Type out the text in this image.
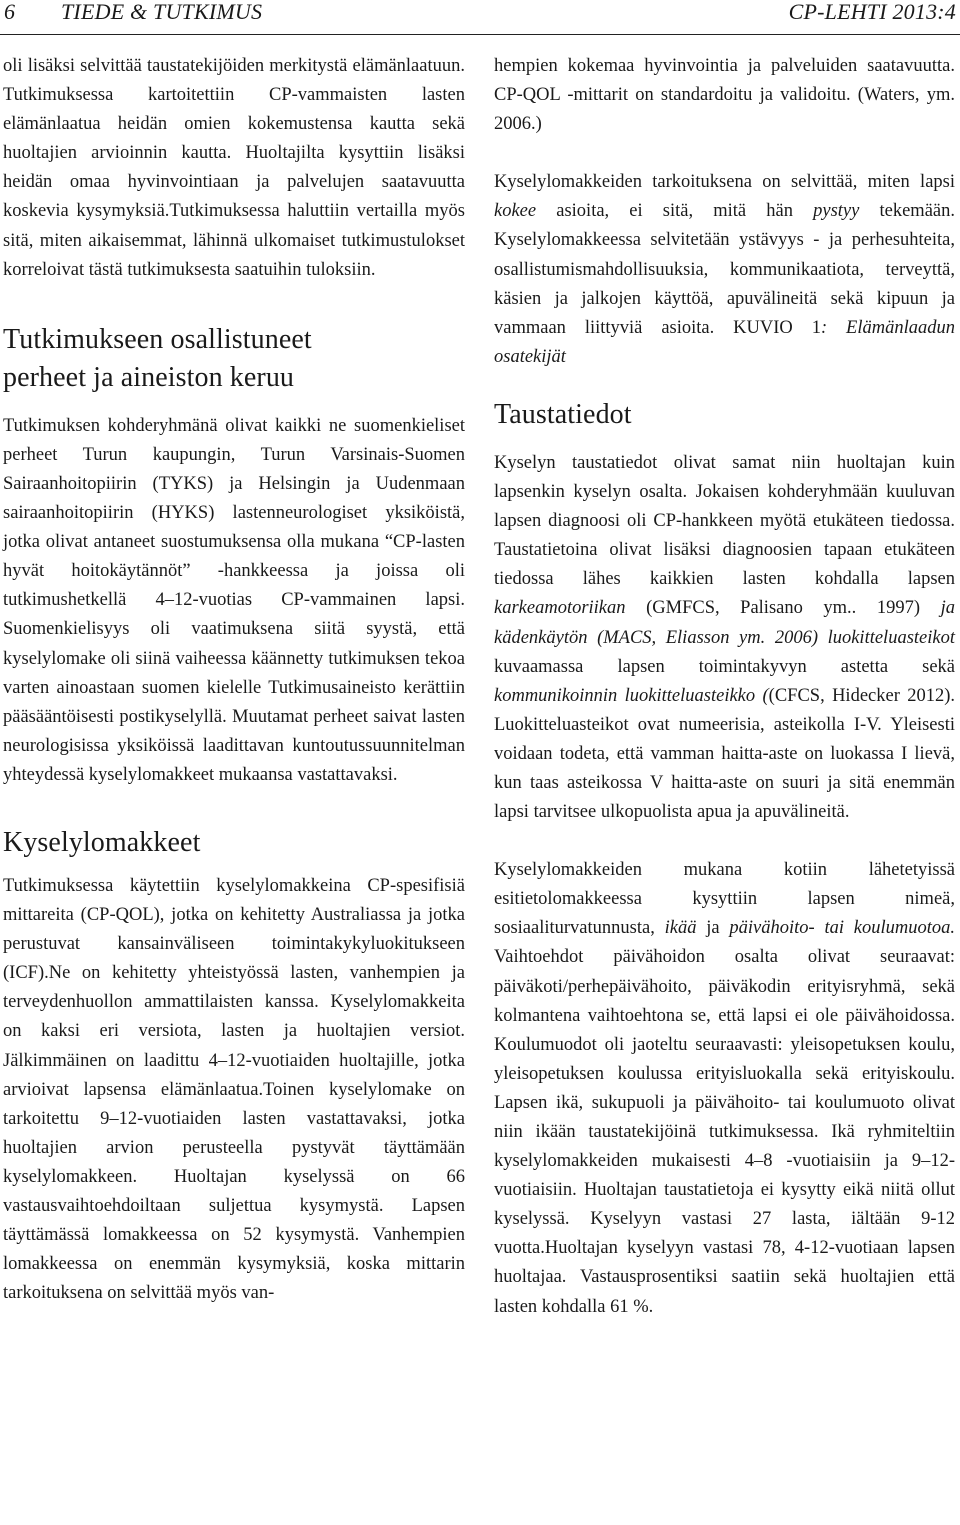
6 TIEDE & TUTKIMUS	CP-LEHTI 2013:4

oli lisäksi selvittää taustatekijöiden merkitystä elämänlaatuun. Tutkimuksessa kartoitettiin CP-vammaisten lasten elämänlaatua heidän omien kokemustensa kautta sekä huoltajien arvioinnin kautta. Huoltajilta kysyttiin lisäksi heidän omaa hyvinvointiaan ja palvelujen saatavuutta koskevia kysymyksiä.Tutkimuksessa haluttiin vertailla myös sitä, miten aikaisemmat, lähinnä ulkomaiset tutkimustulokset korreloivat tästä tutkimuksesta saatuihin tuloksiin.

Tutkimukseen osallistuneet
perheet ja aineiston keruu

Tutkimuksen kohderyhmänä olivat kaikki ne suomenkieliset perheet Turun kaupungin, Turun Varsinais-Suomen Sairaanhoitopiirin (TYKS) ja Helsingin ja Uudenmaan sairaanhoitopiirin (HYKS) lastenneurologiset yksiköistä, jotka olivat antaneet suostumuksensa olla mukana “CP-lasten hyvät hoitokäytännöt” -hankkeessa ja joissa oli tutkimushetkellä 4–12-vuotias CP-vammainen lapsi. Suomenkielisyys oli vaatimuksena siitä syystä, että kyselylomake oli siinä vaiheessa käännetty tutkimuksen tekoa varten ainoastaan suomen kielelle Tutkimusaineisto kerättiin pääsääntöisesti postikyselyllä. Muutamat perheet saivat lasten neurologisissa yksiköissä laadittavan kuntoutussuunnitelman yhteydessä kyselylomakkeet mukaansa vastattavaksi.

Kyselylomakkeet

Tutkimuksessa käytettiin kyselylomakkeina CP-spesifisiä mittareita (CP-QOL), jotka on kehitetty Australiassa ja jotka perustuvat kansainväliseen toimintakykyluokitukseen (ICF).Ne on kehitetty yhteistyössä lasten, vanhempien ja terveydenhuollon ammattilaisten kanssa. Kyselylomakkeita on kaksi eri versiota, lasten ja huoltajien versiot. Jälkimmäinen on laadittu 4–12-vuotiaiden huoltajille, jotka arvioivat lapsensa elämänlaatua.Toinen kyselylomake on tarkoitettu 9–12-vuotiaiden lasten vastattavaksi, jotka huoltajien arvion perusteella pystyvät täyttämään kyselylomakkeen. Huoltajan kyselyssä on 66 vastausvaihtoehdoiltaan suljettua kysymystä. Lapsen täyttämässä lomakkeessa on 52 kysymystä. Vanhempien lomakkeessa on enemmän kysymyksiä, koska mittarin tarkoituksena on selvittää myös van-

hempien kokemaa hyvinvointia ja palveluiden saatavuutta. CP-QOL -mittarit on standardoitu ja validoitu. (Waters, ym. 2006.)

Kyselylomakkeiden tarkoituksena on selvittää, miten lapsi kokee asioita, ei sitä, mitä hän pystyy tekemään. Kyselylomakkeessa selvitetään ystävyys - ja perhesuhteita, osallistumismahdollisuuksia, kommunikaatiota, terveyttä, käsien ja jalkojen käyttöä, apuvälineitä sekä kipuun ja vammaan liittyviä asioita. KUVIO 1: Elämänlaadun osatekijät

Taustatiedot

Kyselyn taustatiedot olivat samat niin huoltajan kuin lapsenkin kyselyn osalta. Jokaisen kohderyhmään kuuluvan lapsen diagnoosi oli CP-hankkeen myötä etukäteen tiedossa. Taustatietoina olivat lisäksi diagnoosien tapaan etukäteen tiedossa lähes kaikkien lasten kohdalla lapsen karkeamotoriikan (GMFCS, Palisano ym.. 1997) ja kädenkäytön (MACS, Eliasson ym. 2006) luokitteluasteikot kuvaamassa lapsen toimintakyvyn astetta sekä kommunikoinnin luokitteluasteikko ((CFCS, Hidecker 2012). Luokitteluasteikot ovat numeerisia, asteikolla I-V. Yleisesti voidaan todeta, että vamman haitta-aste on luokassa I lievä, kun taas asteikossa V haitta-aste on suuri ja sitä enemmän lapsi tarvitsee ulkopuolista apua ja apuvälineitä.

Kyselylomakkeiden mukana kotiin lähetetyissä esitietolomakkeessa kysyttiin lapsen nimeä, sosiaaliturvatunnusta, ikää ja päivähoito- tai koulumuotoa. Vaihtoehdot päivähoidon osalta olivat seuraavat: päiväkoti/perhepäivähoito, päiväkodin erityisryhmä, sekä kolmantena vaihtoehtona se, että lapsi ei ole päivähoidossa. Koulumuodot oli jaoteltu seuraavasti: yleisopetuksen koulu, yleisopetuksen koulussa erityisluokalla sekä erityiskoulu. Lapsen ikä, sukupuoli ja päivähoito- tai koulumuoto olivat niin ikään taustatekijöinä tutkimuksessa. Ikä ryhmiteltiin kyselylomakkeiden mukaisesti 4–8 -vuotiaisiin ja 9–12-vuotiaisiin. Huoltajan taustatietoja ei kysytty eikä niitä ollut kyselyssä. Kyselyyn vastasi 27 lasta, iältään 9-12 vuotta.Huoltajan kyselyyn vastasi 78, 4-12-vuotiaan lapsen huoltajaa. Vastausprosentiksi saatiin sekä huoltajien että lasten kohdalla 61 %.
